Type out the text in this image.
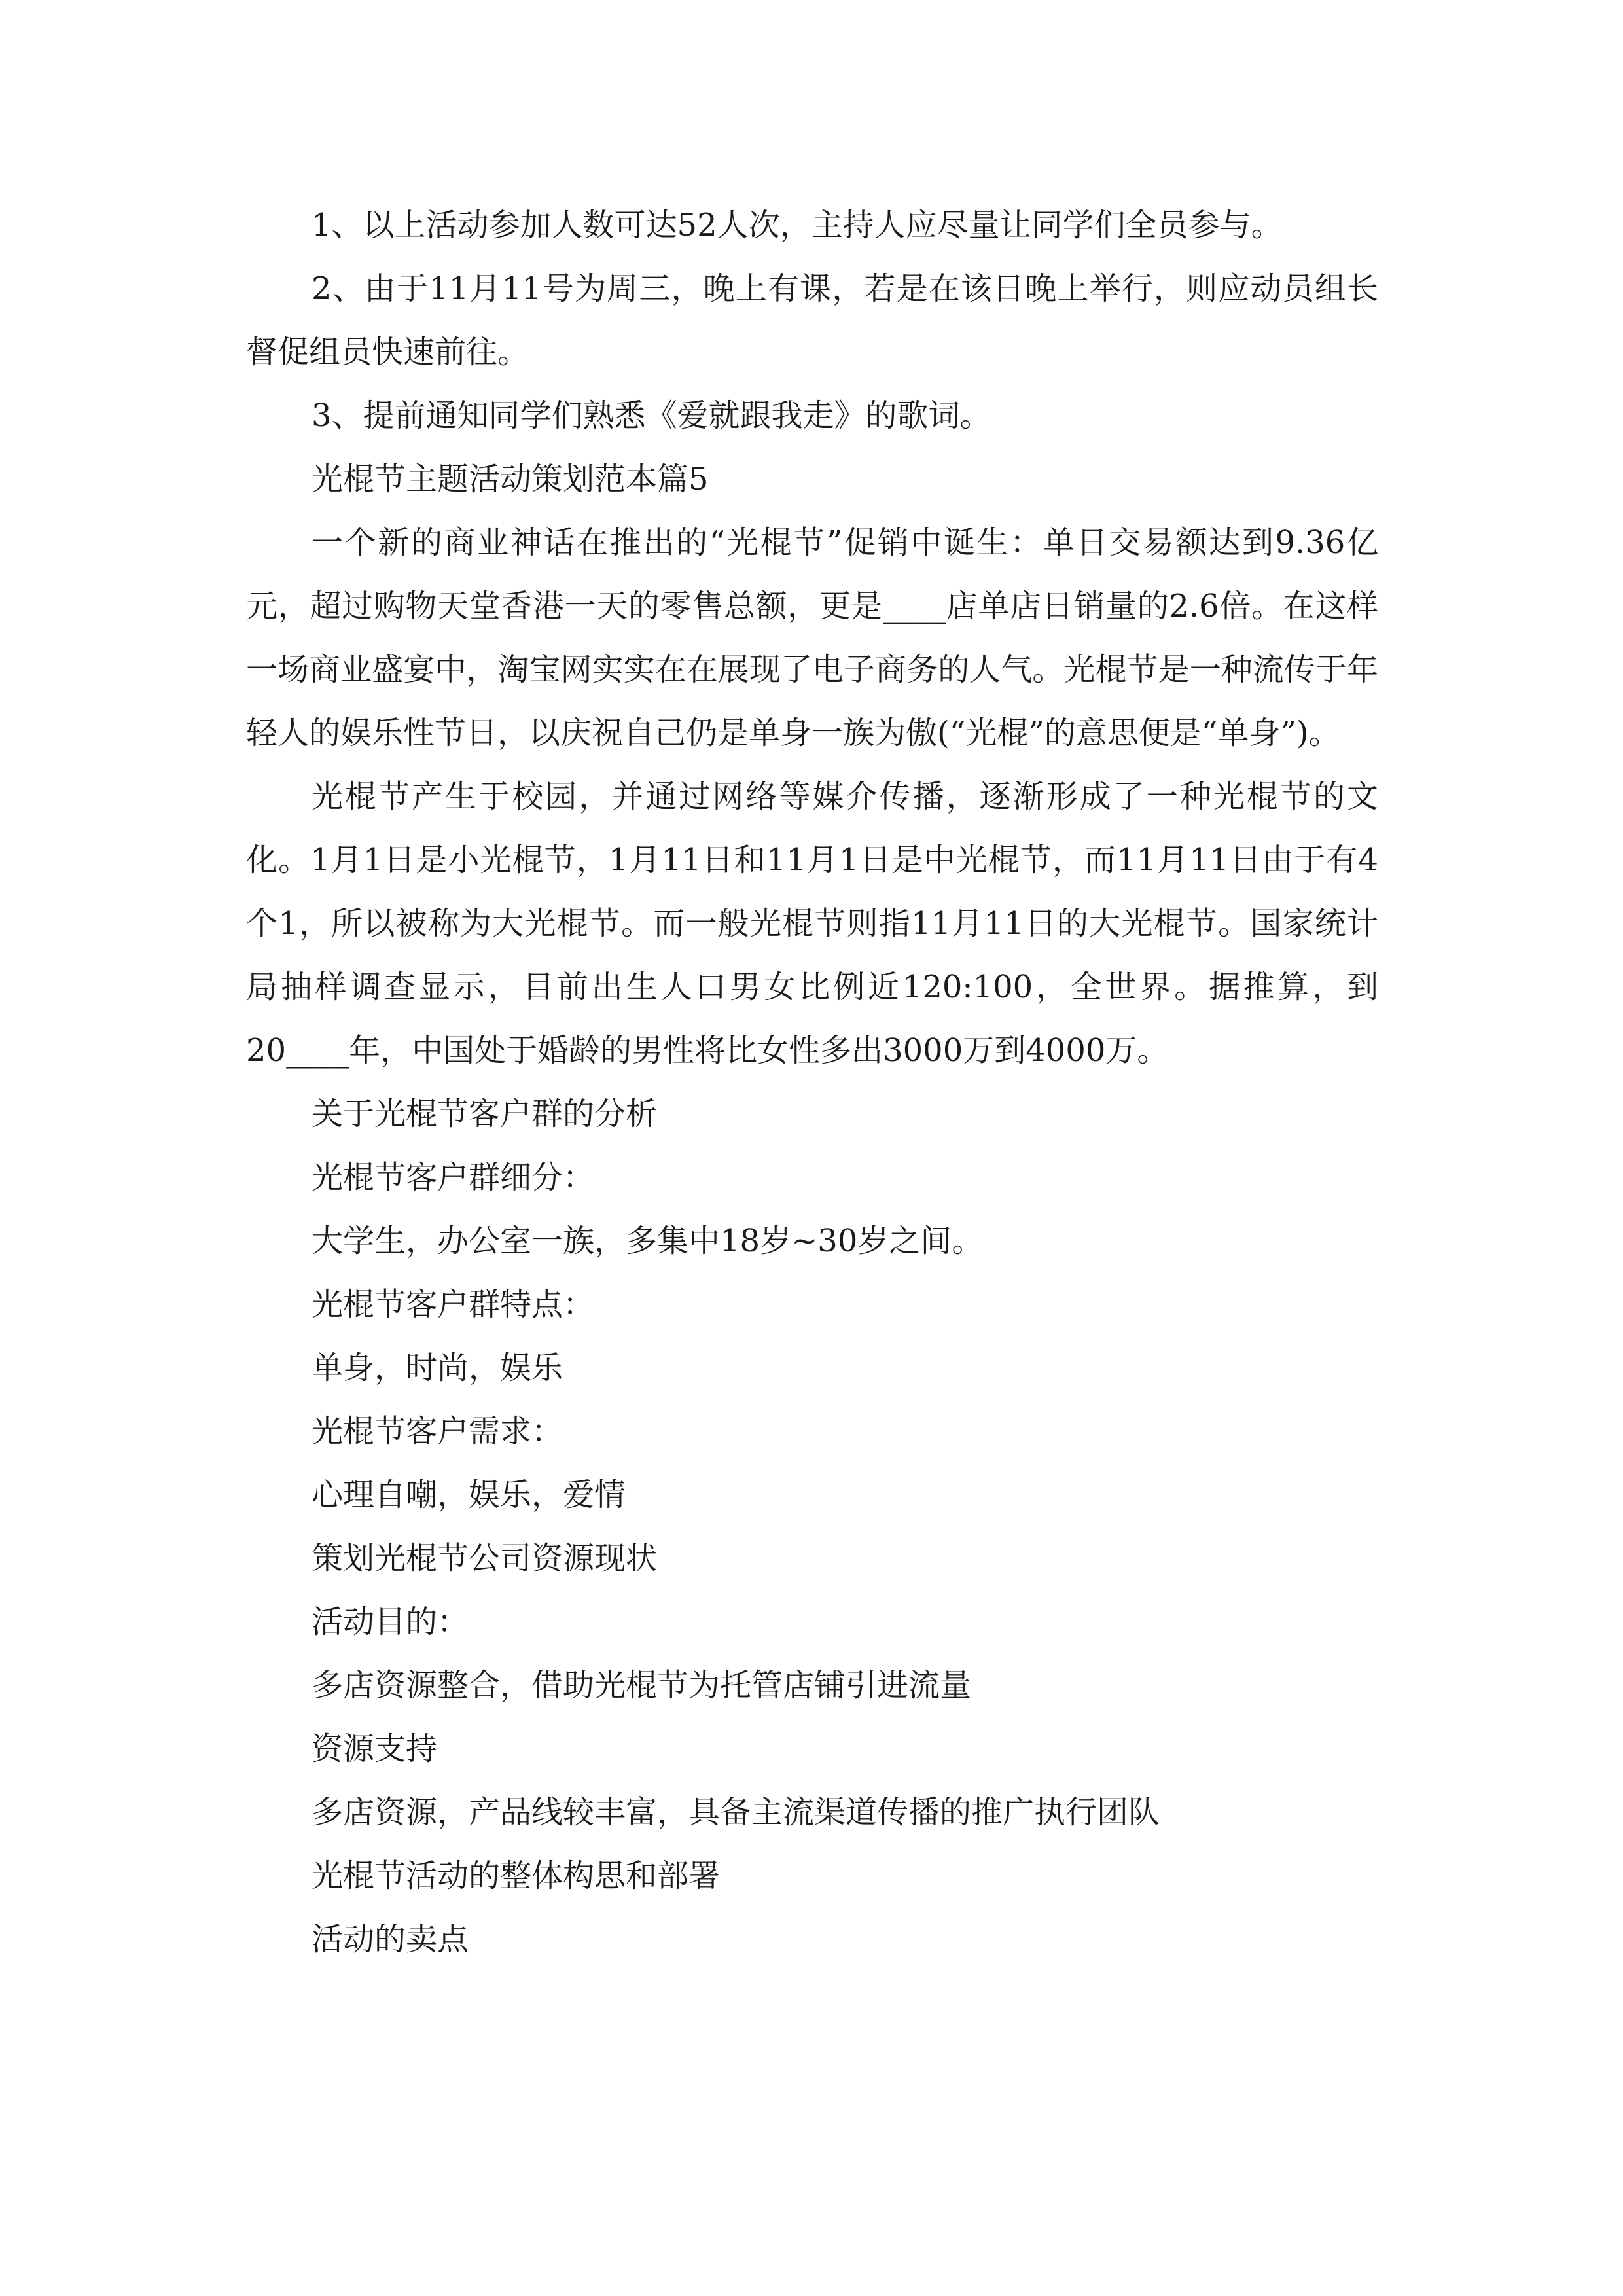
1、以上活动参加人数可达52人次，主持人应尽量让同学们全员参与。

2、由于11月11号为周三，晚上有课，若是在该日晚上举行，则应动员组长督促组员快速前往。

3、提前通知同学们熟悉《爱就跟我走》的歌词。

光棍节主题活动策划范本篇5

一个新的商业神话在推出的“光棍节”促销中诞生：单日交易额达到9.36亿元，超过购物天堂香港一天的零售总额，更是____店单店日销量的2.6倍。在这样一场商业盛宴中，淘宝网实实在在展现了电子商务的人气。光棍节是一种流传于年轻人的娱乐性节日，以庆祝自己仍是单身一族为傲(“光棍”的意思便是“单身”)。

光棍节产生于校园，并通过网络等媒介传播，逐渐形成了一种光棍节的文化。1月1日是小光棍节，1月11日和11月1日是中光棍节，而11月11日由于有4个1，所以被称为大光棍节。而一般光棍节则指11月11日的大光棍节。国家统计局抽样调查显示，目前出生人口男女比例近120:100，全世界。据推算，到20____年，中国处于婚龄的男性将比女性多出3000万到4000万。

关于光棍节客户群的分析

光棍节客户群细分：

大学生，办公室一族，多集中18岁~30岁之间。

光棍节客户群特点：

单身，时尚，娱乐

光棍节客户需求：

心理自嘲，娱乐，爱情

策划光棍节公司资源现状

活动目的：

多店资源整合，借助光棍节为托管店铺引进流量

资源支持

多店资源，产品线较丰富，具备主流渠道传播的推广执行团队

光棍节活动的整体构思和部署

活动的卖点
